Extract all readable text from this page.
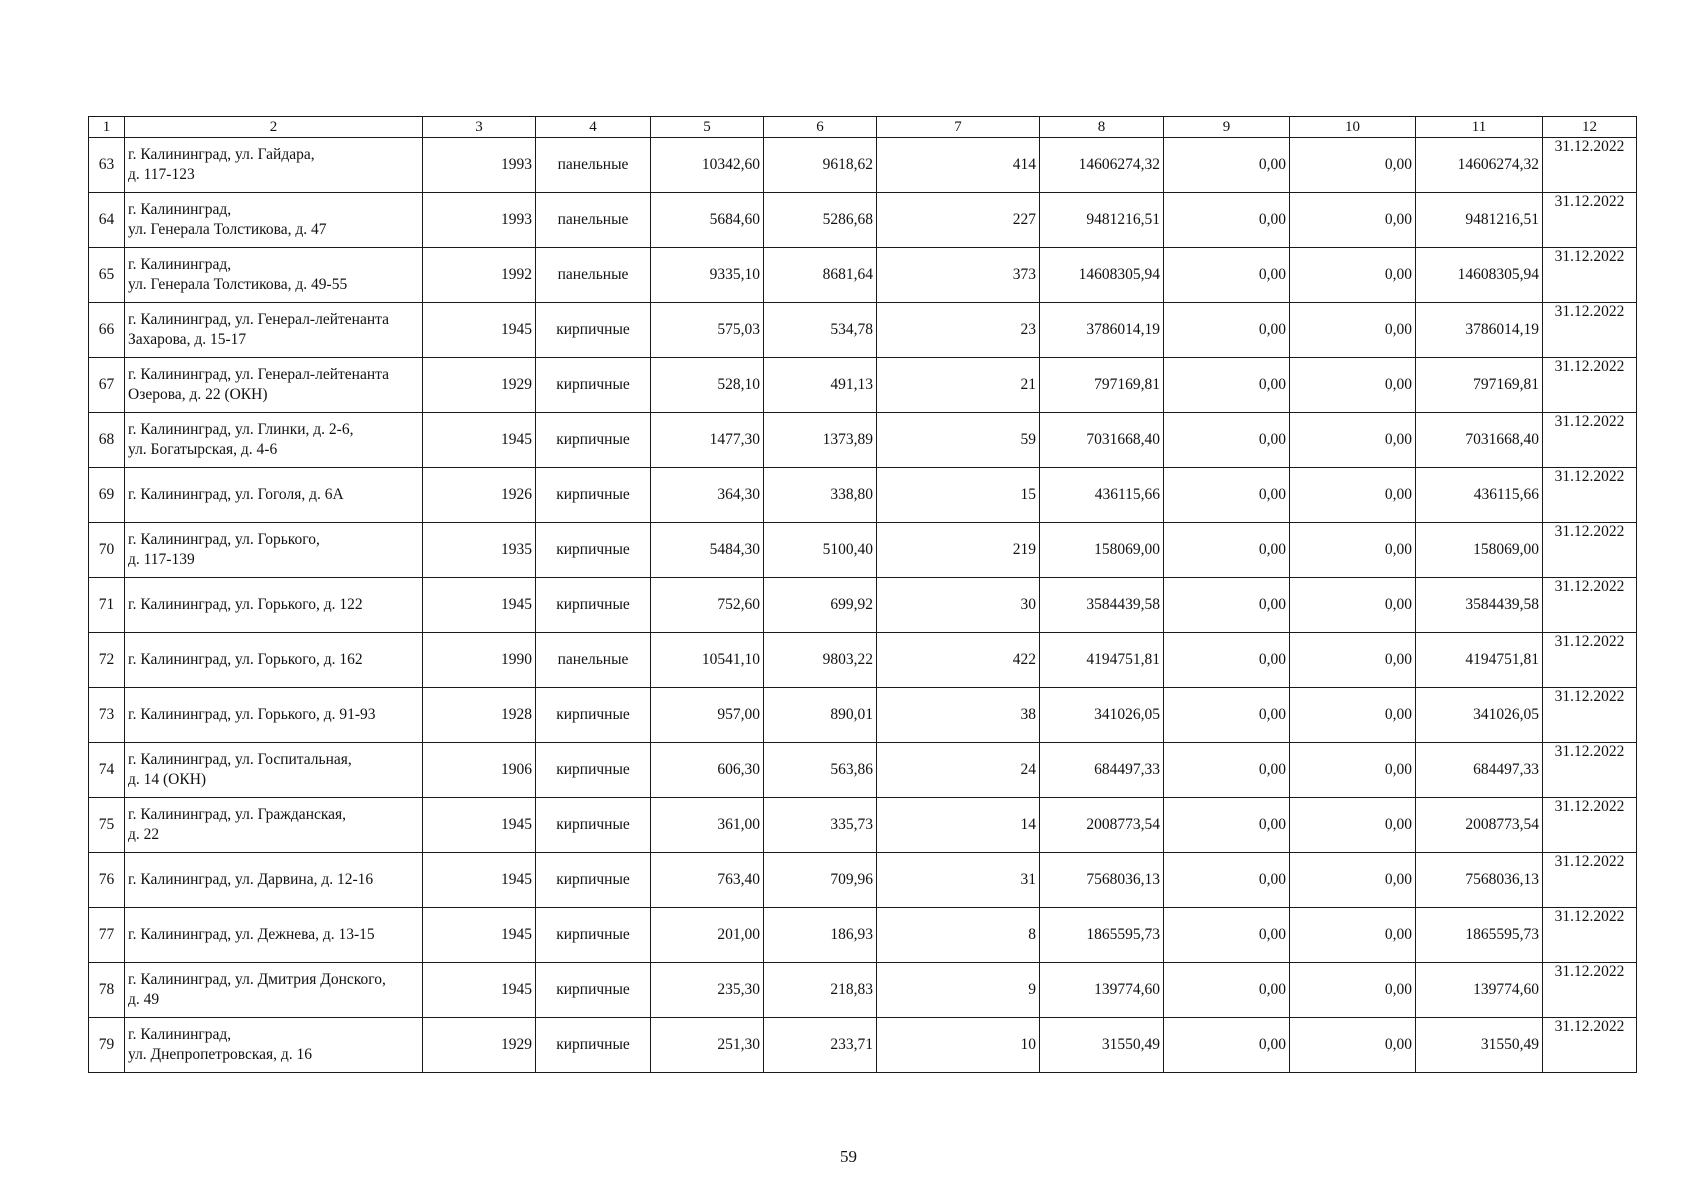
1	2	3	4	5	6	7	8	9	10	11	12
63	г. Калининград, ул. Гайдара,
д. 117-123	1993	панельные	10342,60	9618,62	414	14606274,32	0,00	0,00	14606274,32	31.12.2022
64	г. Калининград,
ул. Генерала Толстикова, д. 47	1993	панельные	5684,60	5286,68	227	9481216,51	0,00	0,00	9481216,51	31.12.2022
65	г. Калининград,
ул. Генерала Толстикова, д. 49-55	1992	панельные	9335,10	8681,64	373	14608305,94	0,00	0,00	14608305,94	31.12.2022
66	г. Калининград, ул. Генерал-лейтенанта
Захарова, д. 15-17	1945	кирпичные	575,03	534,78	23	3786014,19	0,00	0,00	3786014,19	31.12.2022
67	г. Калининград, ул. Генерал-лейтенанта
Озерова, д. 22 (ОКН)	1929	кирпичные	528,10	491,13	21	797169,81	0,00	0,00	797169,81	31.12.2022
68	г. Калининград, ул. Глинки, д. 2-6,
ул. Богатырская, д. 4-6	1945	кирпичные	1477,30	1373,89	59	7031668,40	0,00	0,00	7031668,40	31.12.2022
69	г. Калининград, ул. Гоголя, д. 6А	1926	кирпичные	364,30	338,80	15	436115,66	0,00	0,00	436115,66	31.12.2022
70	г. Калининград, ул. Горького,
д. 117-139	1935	кирпичные	5484,30	5100,40	219	158069,00	0,00	0,00	158069,00	31.12.2022
71	г. Калининград, ул. Горького, д. 122	1945	кирпичные	752,60	699,92	30	3584439,58	0,00	0,00	3584439,58	31.12.2022
72	г. Калининград, ул. Горького, д. 162	1990	панельные	10541,10	9803,22	422	4194751,81	0,00	0,00	4194751,81	31.12.2022
73	г. Калининград, ул. Горького, д. 91-93	1928	кирпичные	957,00	890,01	38	341026,05	0,00	0,00	341026,05	31.12.2022
74	г. Калининград, ул. Госпитальная,
д. 14 (ОКН)	1906	кирпичные	606,30	563,86	24	684497,33	0,00	0,00	684497,33	31.12.2022
75	г. Калининград, ул. Гражданская,
д. 22	1945	кирпичные	361,00	335,73	14	2008773,54	0,00	0,00	2008773,54	31.12.2022
76	г. Калининград, ул. Дарвина, д. 12-16	1945	кирпичные	763,40	709,96	31	7568036,13	0,00	0,00	7568036,13	31.12.2022
77	г. Калининград, ул. Дежнева, д. 13-15	1945	кирпичные	201,00	186,93	8	1865595,73	0,00	0,00	1865595,73	31.12.2022
78	г. Калининград, ул. Дмитрия Донского,
д. 49	1945	кирпичные	235,30	218,83	9	139774,60	0,00	0,00	139774,60	31.12.2022
79	г. Калининград,
ул. Днепропетровская, д. 16	1929	кирпичные	251,30	233,71	10	31550,49	0,00	0,00	31550,49	31.12.2022
59
